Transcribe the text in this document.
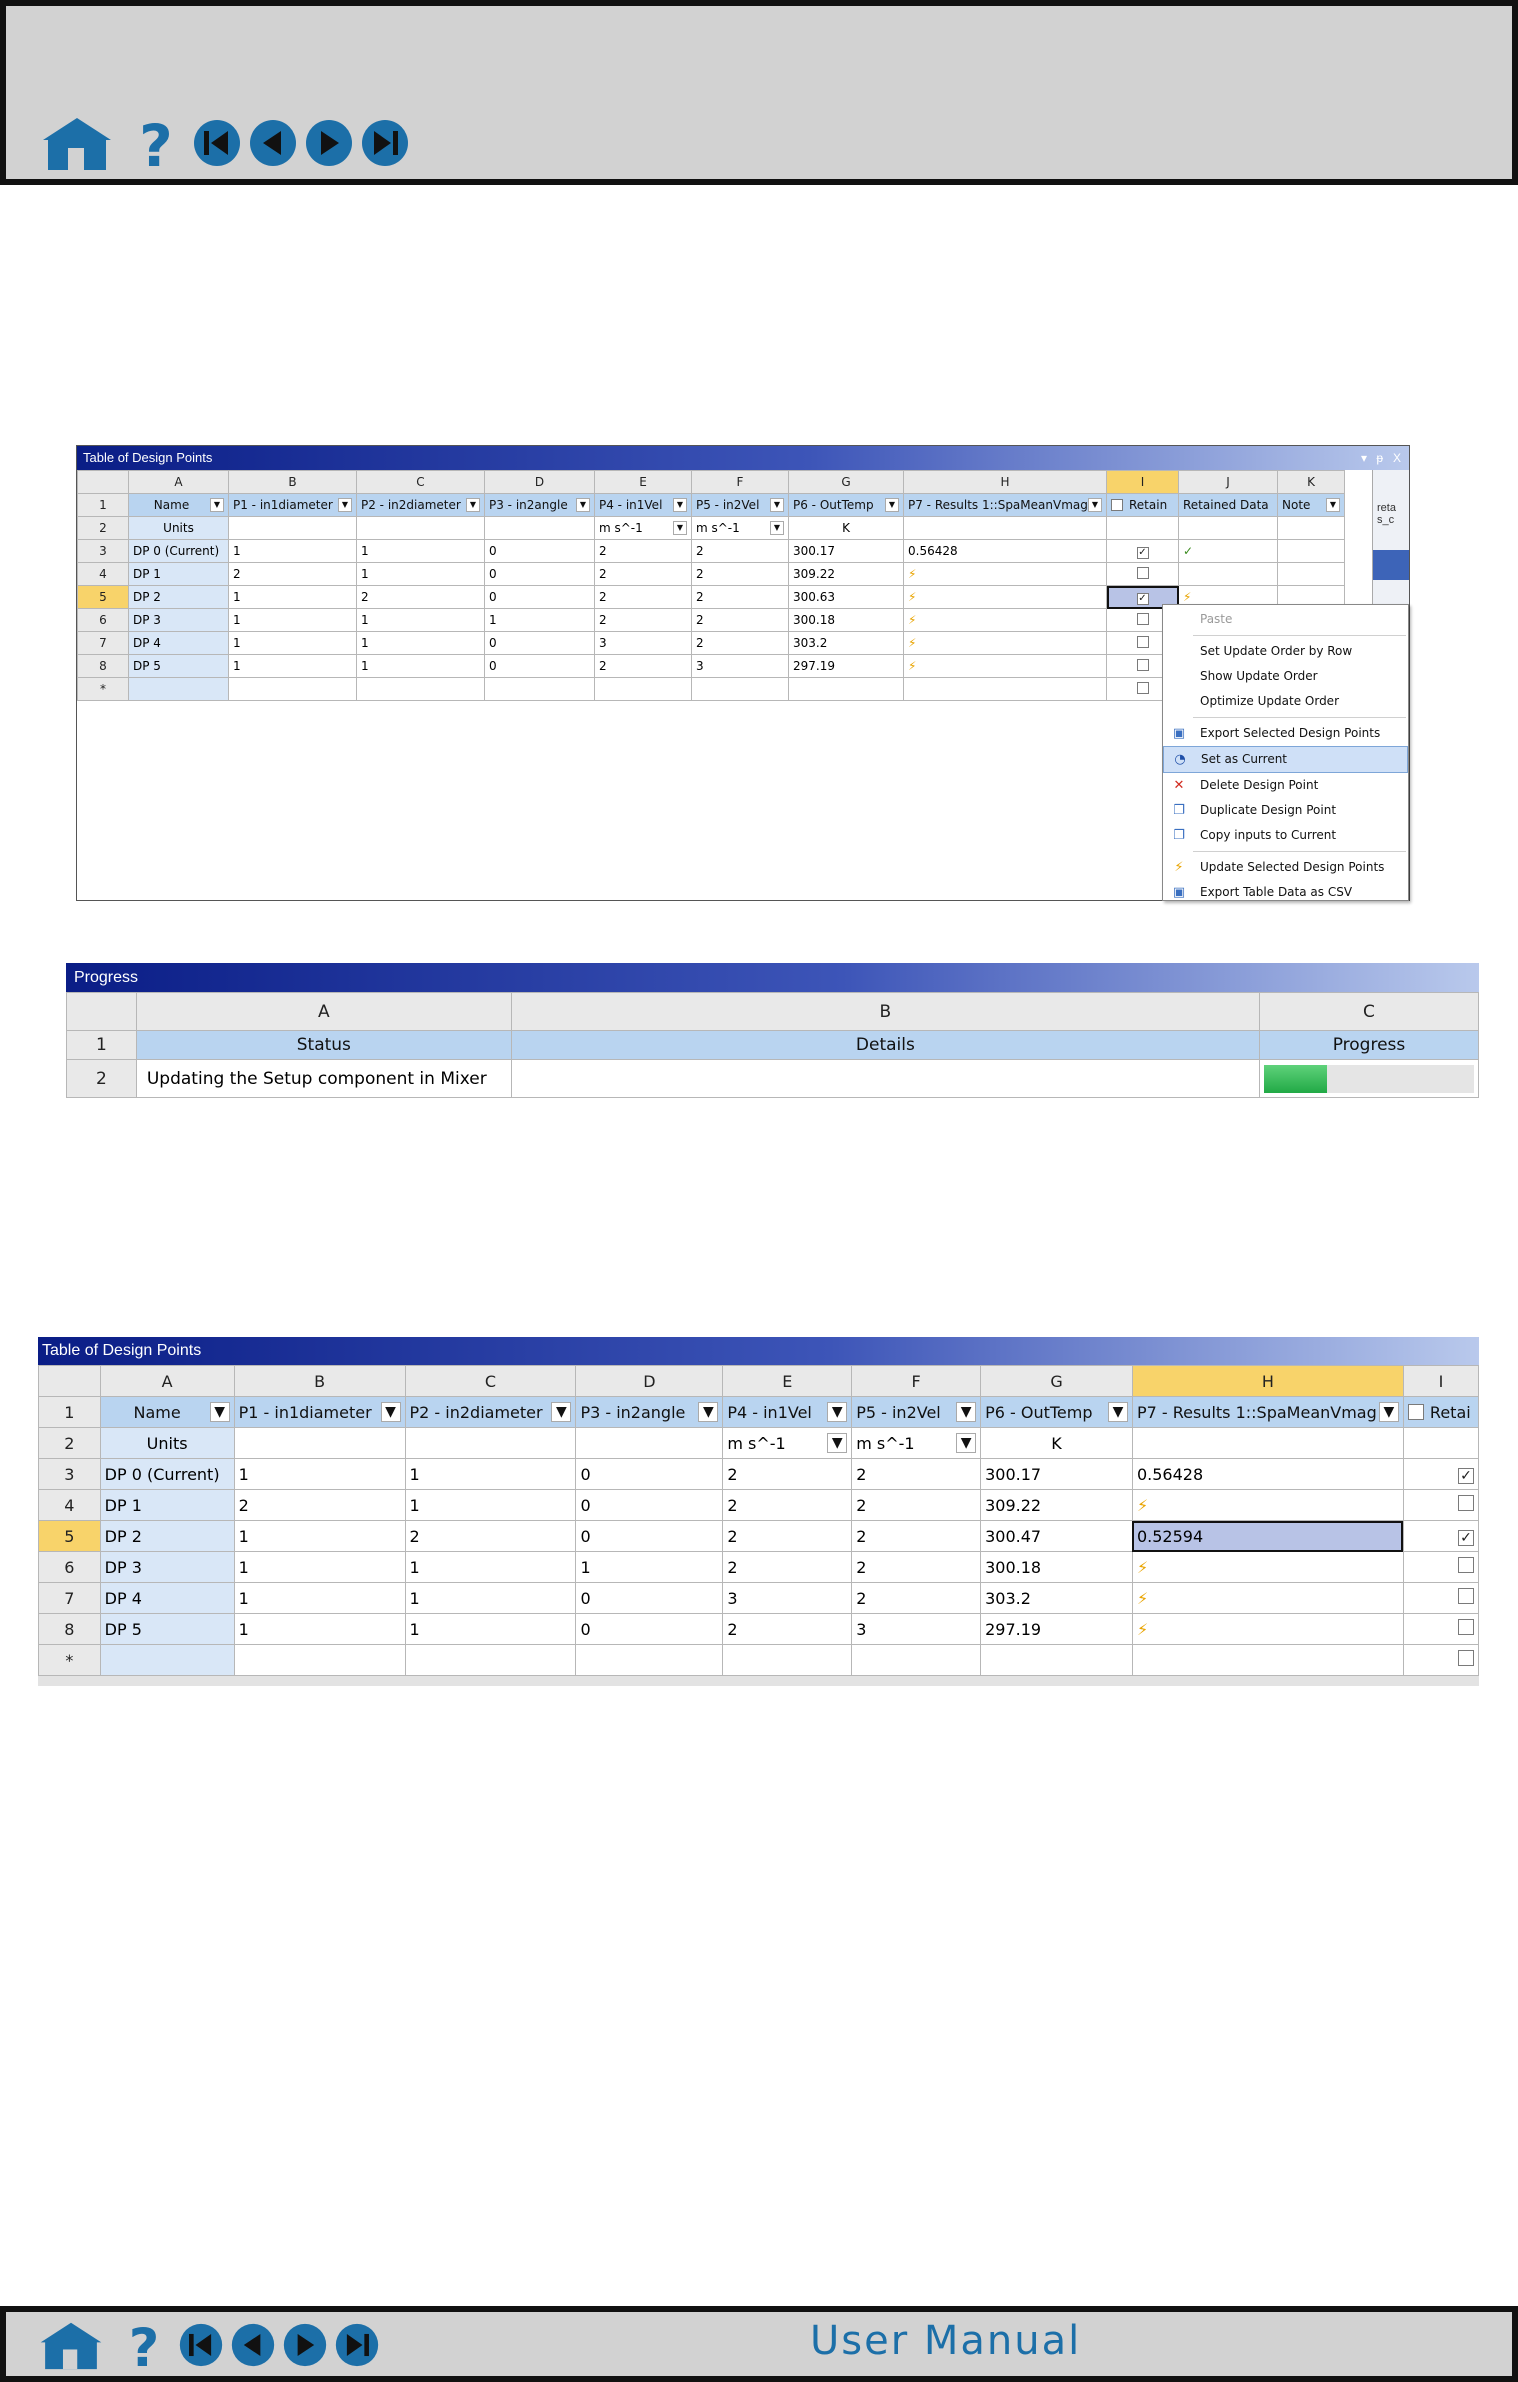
?
Table of Design Points	▾ ᵽ X
	A	B	C	D	E	F	G	H	I	J	K
1	Name ▼	P1 - in1diameter ▼	P2 - in2diameter ▼	P3 - in2angle ▼	P4 - in1Vel ▼	P5 - in2Vel ▼	P6 - OutTemp ▼	P7 - Results 1::SpaMeanVmag ▼	Retain	Retained Data	Note ▼

2	Units				m s^-1 ▼	m s^-1 ▼	K				
3	DP 0 (Current)	1	1	0	2	2	300.17	0.56428	✓	✓	
4	DP 1	2	1	0	2	2	309.22	⚡			
5	DP 2	1	2	0	2	2	300.63	⚡	✓	⚡	
6	DP 3	1	1	1	2	2	300.18	⚡			
7	DP 4	1	1	0	3	2	303.2	⚡			
8	DP 5	1	1	0	2	3	297.19	⚡			
*											
reta
s_c
Paste
Set Update Order by Row
Show Update Order
Optimize Update Order
▣	Export Selected Design Points
◔	Set as Current
✕	Delete Design Point
❐	Duplicate Design Point
❐	Copy inputs to Current
⚡	Update Selected Design Points
▣	Export Table Data as CSV
Progress
	A	B	C
1	Status	Details	Progress
2	Updating the Setup component in Mixer		
Table of Design Points
	A	B	C	D	E	F	G	H	I
1	Name ▼	P1 - in1diameter ▼	P2 - in2diameter ▼	P3 - in2angle ▼	P4 - in1Vel ▼	P5 - in2Vel ▼	P6 - OutTemp ▼	P7 - Results 1::SpaMeanVmag ▼	Retai

2	Units				m s^-1 ▼	m s^-1 ▼	K		
3	DP 0 (Current)	1	1	0	2	2	300.17	0.56428	✓
4	DP 1	2	1	0	2	2	309.22	⚡	
5	DP 2	1	2	0	2	2	300.47	0.52594	✓
6	DP 3	1	1	1	2	2	300.18	⚡	
7	DP 4	1	1	0	3	2	303.2	⚡	
8	DP 5	1	1	0	2	3	297.19	⚡	
*									
?	User Manual
